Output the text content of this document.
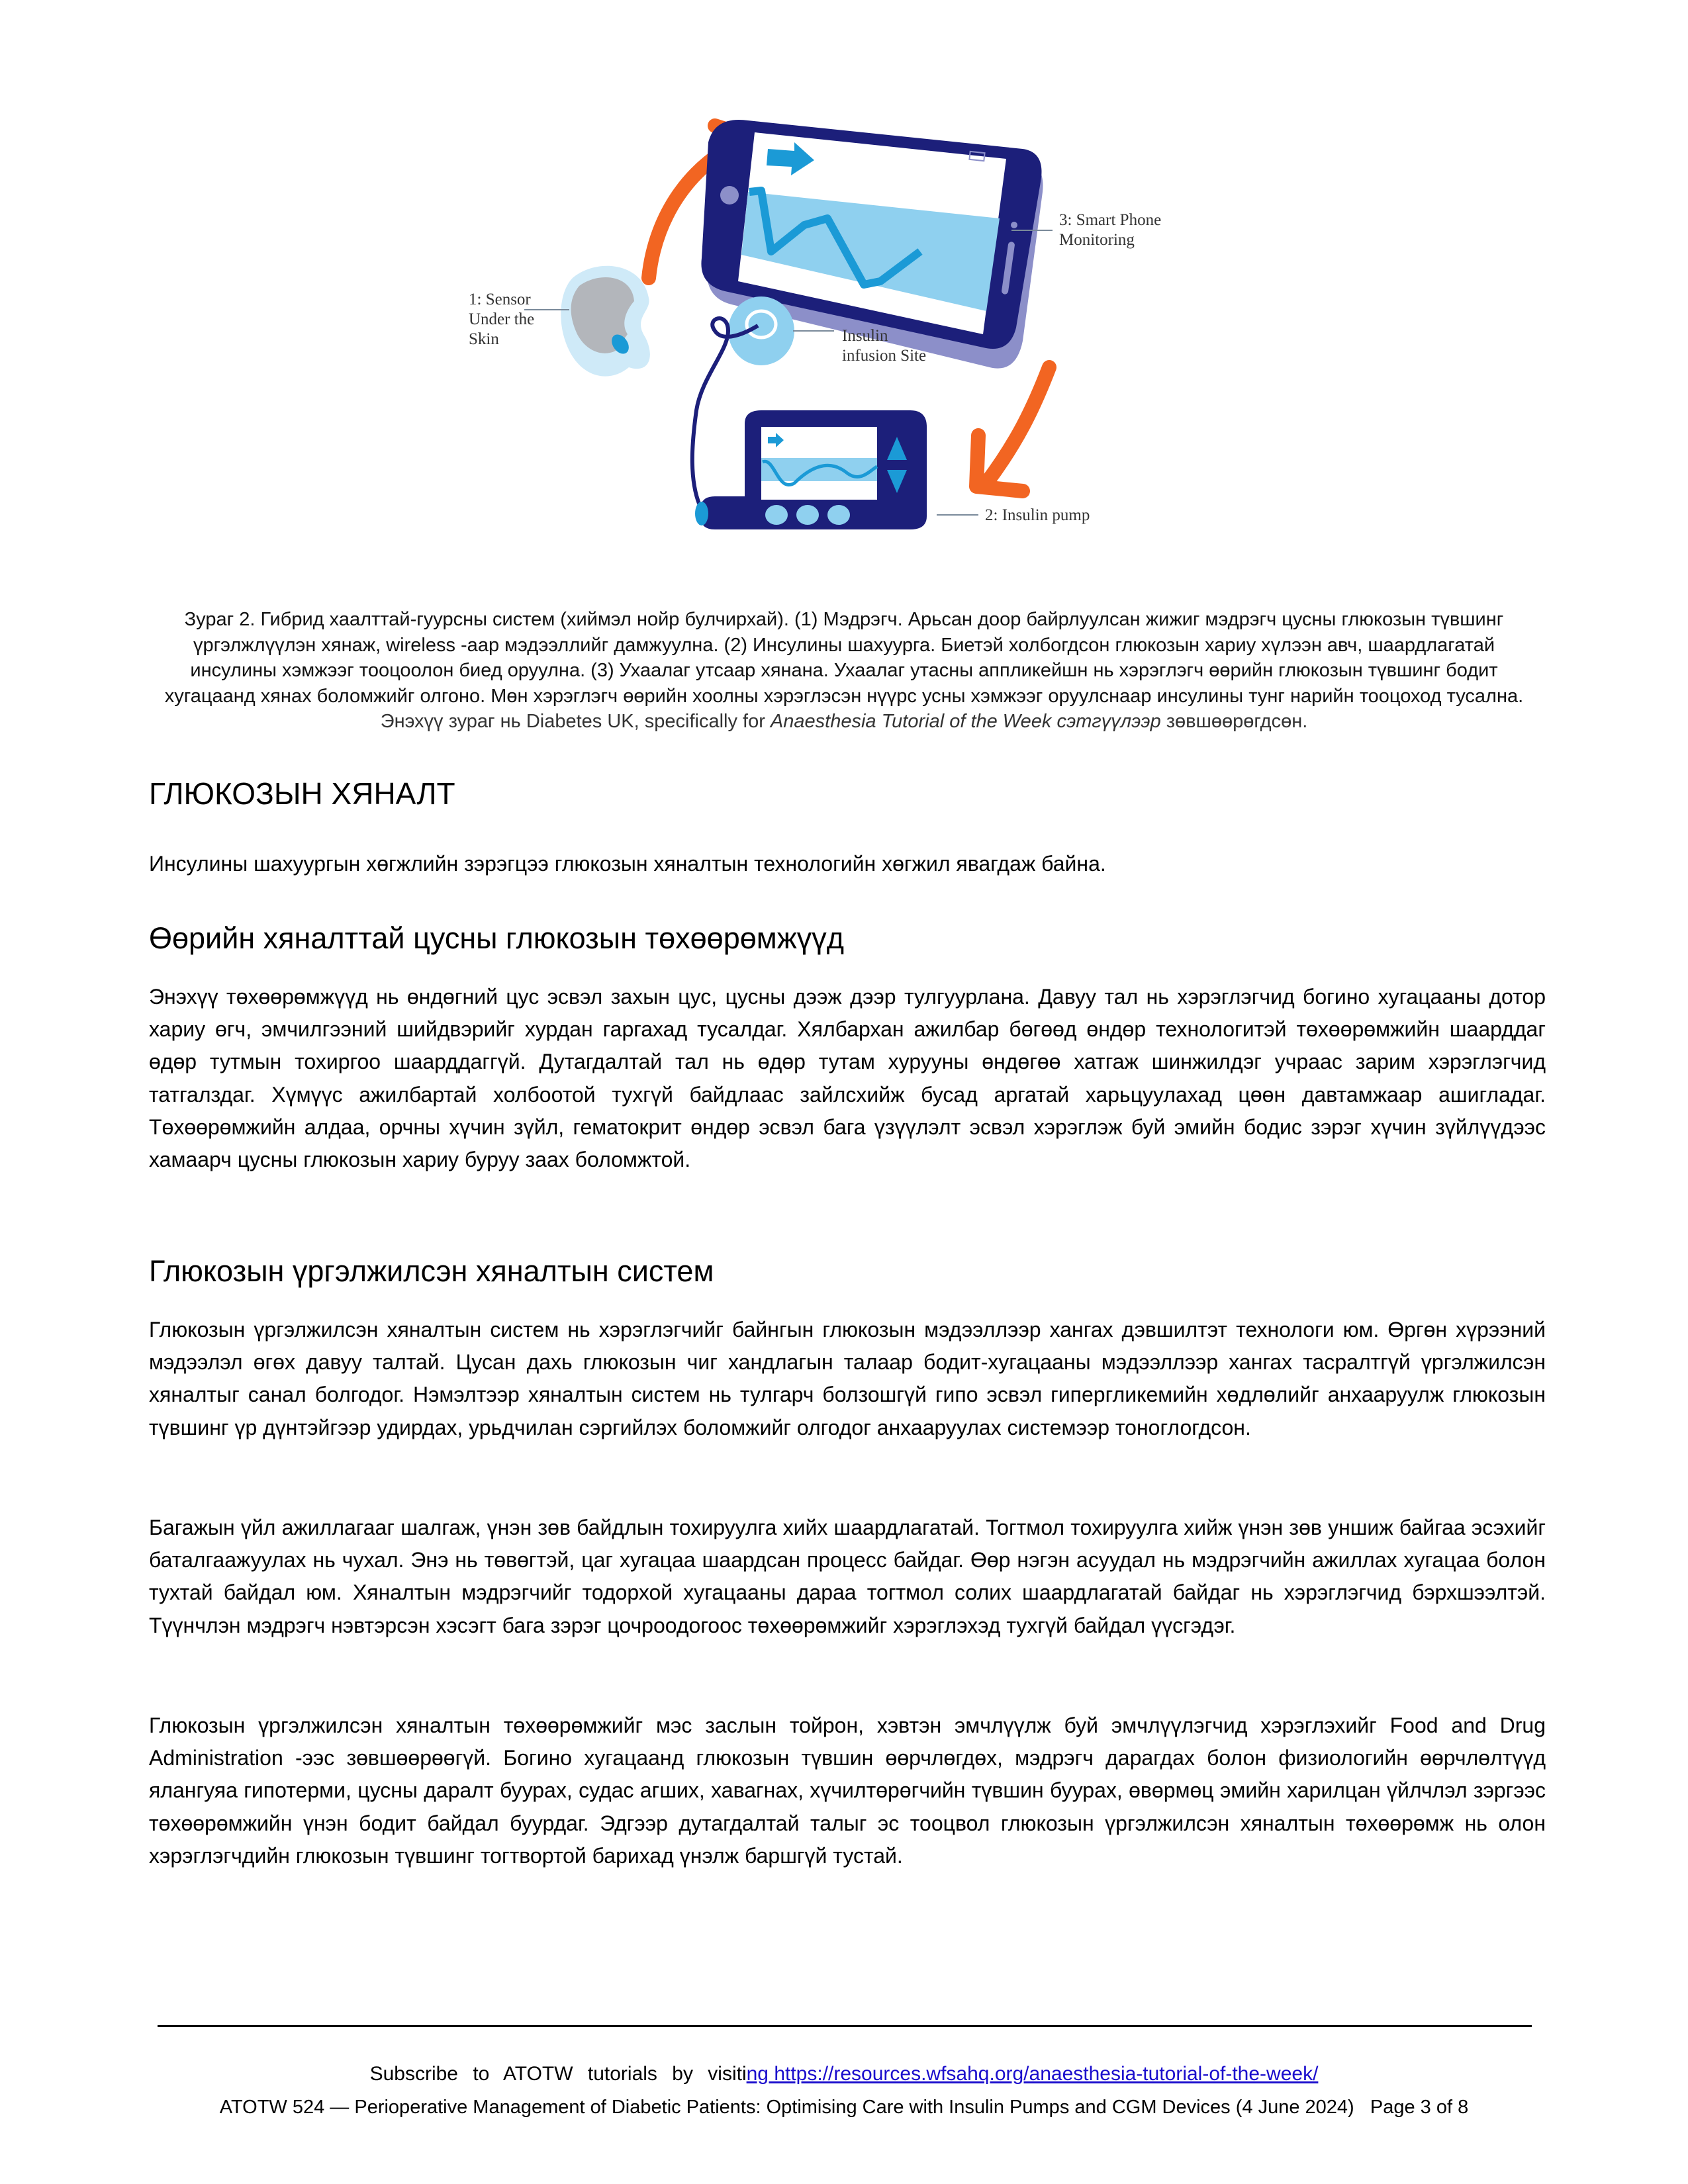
1: Sensor
Under the
Skin
3: Smart Phone
Monitoring
Insulin
infusion Site
2: Insulin pump

Зураг 2. Гибрид хаалттай-гуурсны систем (хиймэл нойр булчирхай). (1) Мэдрэгч. Арьсан доор байрлуулсан жижиг мэдрэгч цусны глюкозын түвшинг үргэлжлүүлэн хянаж, wireless -аар мэдээллийг дамжуулна. (2) Инсулины шахуурга. Биетэй холбогдсон глюкозын хариу хүлээн авч, шаардлагатай инсулины хэмжээг тооцоолон биед оруулна. (3) Ухаалаг утсаар хянана. Ухаалаг утасны аппликейшн нь хэрэглэгч өөрийн глюкозын түвшинг бодит хугацаанд хянах боломжийг олгоно. Мөн хэрэглэгч өөрийн хоолны хэрэглэсэн нүүрс усны хэмжээг оруулснаар инсулины тунг нарийн тооцоход тусална. Энэхүү зураг нь Diabetes UK, specifically for Anaesthesia Tutorial of the Week сэтгүүлээр зөвшөөрөгдсөн.

ГЛЮКОЗЫН ХЯНАЛТ

Инсулины шахуургын хөгжлийн зэрэгцээ глюкозын хяналтын технологийн хөгжил явагдаж байна.

Өөрийн хяналттай цусны глюкозын төхөөрөмжүүд

Энэхүү төхөөрөмжүүд нь өндөгний цус эсвэл захын цус, цусны дээж дээр тулгуурлана. Давуу тал нь хэрэглэгчид богино хугацааны дотор хариу өгч, эмчилгээний шийдвэрийг хурдан гаргахад тусалдаг. Хялбархан ажилбар бөгөөд өндөр технологитэй төхөөрөмжийн шаарддаг өдөр тутмын тохиргоо шаарддаггүй. Дутагдалтай тал нь өдөр тутам хурууны өндөгөө хатгаж шинжилдэг учраас зарим хэрэглэгчид татгалздаг. Хүмүүс ажилбартай холбоотой тухгүй байдлаас зайлсхийж бусад аргатай харьцуулахад цөөн давтамжаар ашигладаг. Төхөөрөмжийн алдаа, орчны хүчин зүйл, гематокрит өндөр эсвэл бага үзүүлэлт эсвэл хэрэглэж буй эмийн бодис зэрэг хүчин зүйлүүдээс хамаарч цусны глюкозын хариу буруу заах боломжтой.

Глюкозын үргэлжилсэн хяналтын систем

Глюкозын үргэлжилсэн хяналтын систем нь хэрэглэгчийг байнгын глюкозын мэдээллээр хангах дэвшилтэт технологи юм. Өргөн хүрээний мэдээлэл өгөх давуу талтай. Цусан дахь глюкозын чиг хандлагын талаар бодит-хугацааны мэдээллээр хангах тасралтгүй үргэлжилсэн хяналтыг санал болгодог. Нэмэлтээр хяналтын систем нь тулгарч болзошгүй гипо эсвэл гипергликемийн хөдлөлийг анхааруулж глюкозын түвшинг үр дүнтэйгээр удирдах, урьдчилан сэргийлэх боломжийг олгодог анхааруулах системээр тоноглогдсон.

Багажын үйл ажиллагааг шалгаж, үнэн зөв байдлын тохируулга хийх шаардлагатай. Тогтмол тохируулга хийж үнэн зөв уншиж байгаа эсэхийг баталгаажуулах нь чухал. Энэ нь төвөгтэй, цаг хугацаа шаардсан процесс байдаг. Өөр нэгэн асуудал нь мэдрэгчийн ажиллах хугацаа болон тухтай байдал юм. Хяналтын мэдрэгчийг тодорхой хугацааны дараа тогтмол солих шаардлагатай байдаг нь хэрэглэгчид бэрхшээлтэй. Түүнчлэн мэдрэгч нэвтэрсэн хэсэгт бага зэрэг цочроодогоос төхөөрөмжийг хэрэглэхэд тухгүй байдал үүсгэдэг.

Глюкозын үргэлжилсэн хяналтын төхөөрөмжийг мэс заслын тойрон, хэвтэн эмчлүүлж буй эмчлүүлэгчид хэрэглэхийг Food and Drug Administration -ээс зөвшөөрөөгүй. Богино хугацаанд глюкозын түвшин өөрчлөгдөх, мэдрэгч дарагдах болон физиологийн өөрчлөлтүүд ялангуяа гипотерми, цусны даралт буурах, судас агших, хавагнах, хүчилтөрөгчийн түвшин буурах, өвөрмөц эмийн харилцан үйлчлэл зэргээс төхөөрөмжийн үнэн бодит байдал буурдаг. Эдгээр дутагдалтай талыг эс тооцвол глюкозын үргэлжилсэн хяналтын төхөөрөмж нь олон хэрэглэгчдийн глюкозын түвшинг тогтвортой барихад үнэлж баршгүй тустай.

Subscribe to ATOTW tutorials by visiting https://resources.wfsahq.org/anaesthesia-tutorial-of-the-week/
ATOTW 524 — Perioperative Management of Diabetic Patients: Optimising Care with Insulin Pumps and CGM Devices (4 June 2024) Page 3 of 8
